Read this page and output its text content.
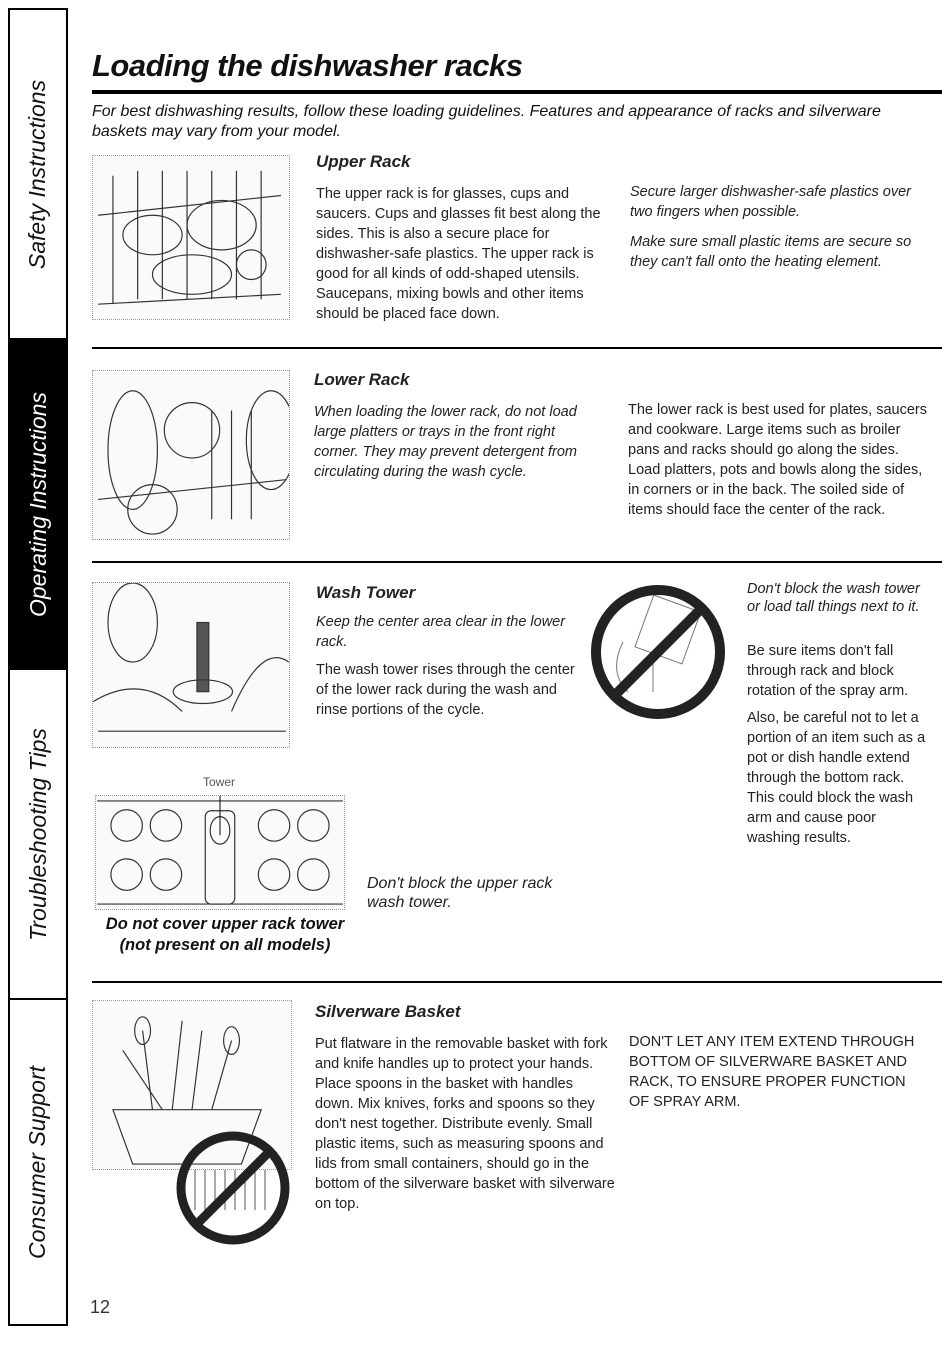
Safety Instructions
Operating Instructions
Troubleshooting Tips
Consumer Support
Loading the dishwasher racks
For best dishwashing results, follow these loading guidelines. Features and appearance of racks and silverware baskets may vary from your model.
Upper Rack
The upper rack is for glasses, cups and saucers. Cups and glasses fit best along the sides. This is also a secure place for dishwasher-safe plastics. The upper rack is good for all kinds of odd-shaped utensils. Saucepans, mixing bowls and other items should be placed face down.
Secure larger dishwasher-safe plastics over two fingers when possible.
Make sure small plastic items are secure so they can't fall onto the heating element.
Lower Rack
When loading the lower rack, do not load large platters or trays in the front right corner. They may prevent detergent from circulating during the wash cycle.
The lower rack is best used for plates, saucers and cookware. Large items such as broiler pans and racks should go along the sides. Load platters, pots and bowls along the sides, in corners or in the back. The soiled side of items should face the center of the rack.
Wash Tower
Keep the center area clear in the lower rack.
The wash tower rises through the center of the lower rack during the wash and rinse portions of the cycle.
Don't block the wash tower or load tall things next to it.
Be sure items don't fall through rack and block rotation of the spray arm.
Also, be careful not to let a portion of an item such as a pot or dish handle extend through the bottom rack. This could block the wash arm and cause poor washing results.
Tower
Don't block the upper rack wash tower.
Do not cover upper rack tower (not present on all models)
Silverware Basket
Put flatware in the removable basket with fork and knife handles up to protect your hands. Place spoons in the basket with handles down. Mix knives, forks and spoons so they don't nest together. Distribute evenly. Small plastic items, such as measuring spoons and lids from small containers, should go in the bottom of the silverware basket with silverware on top.
DON'T LET ANY ITEM EXTEND THROUGH BOTTOM OF SILVERWARE BASKET AND RACK, TO ENSURE PROPER FUNCTION OF SPRAY ARM.
12
